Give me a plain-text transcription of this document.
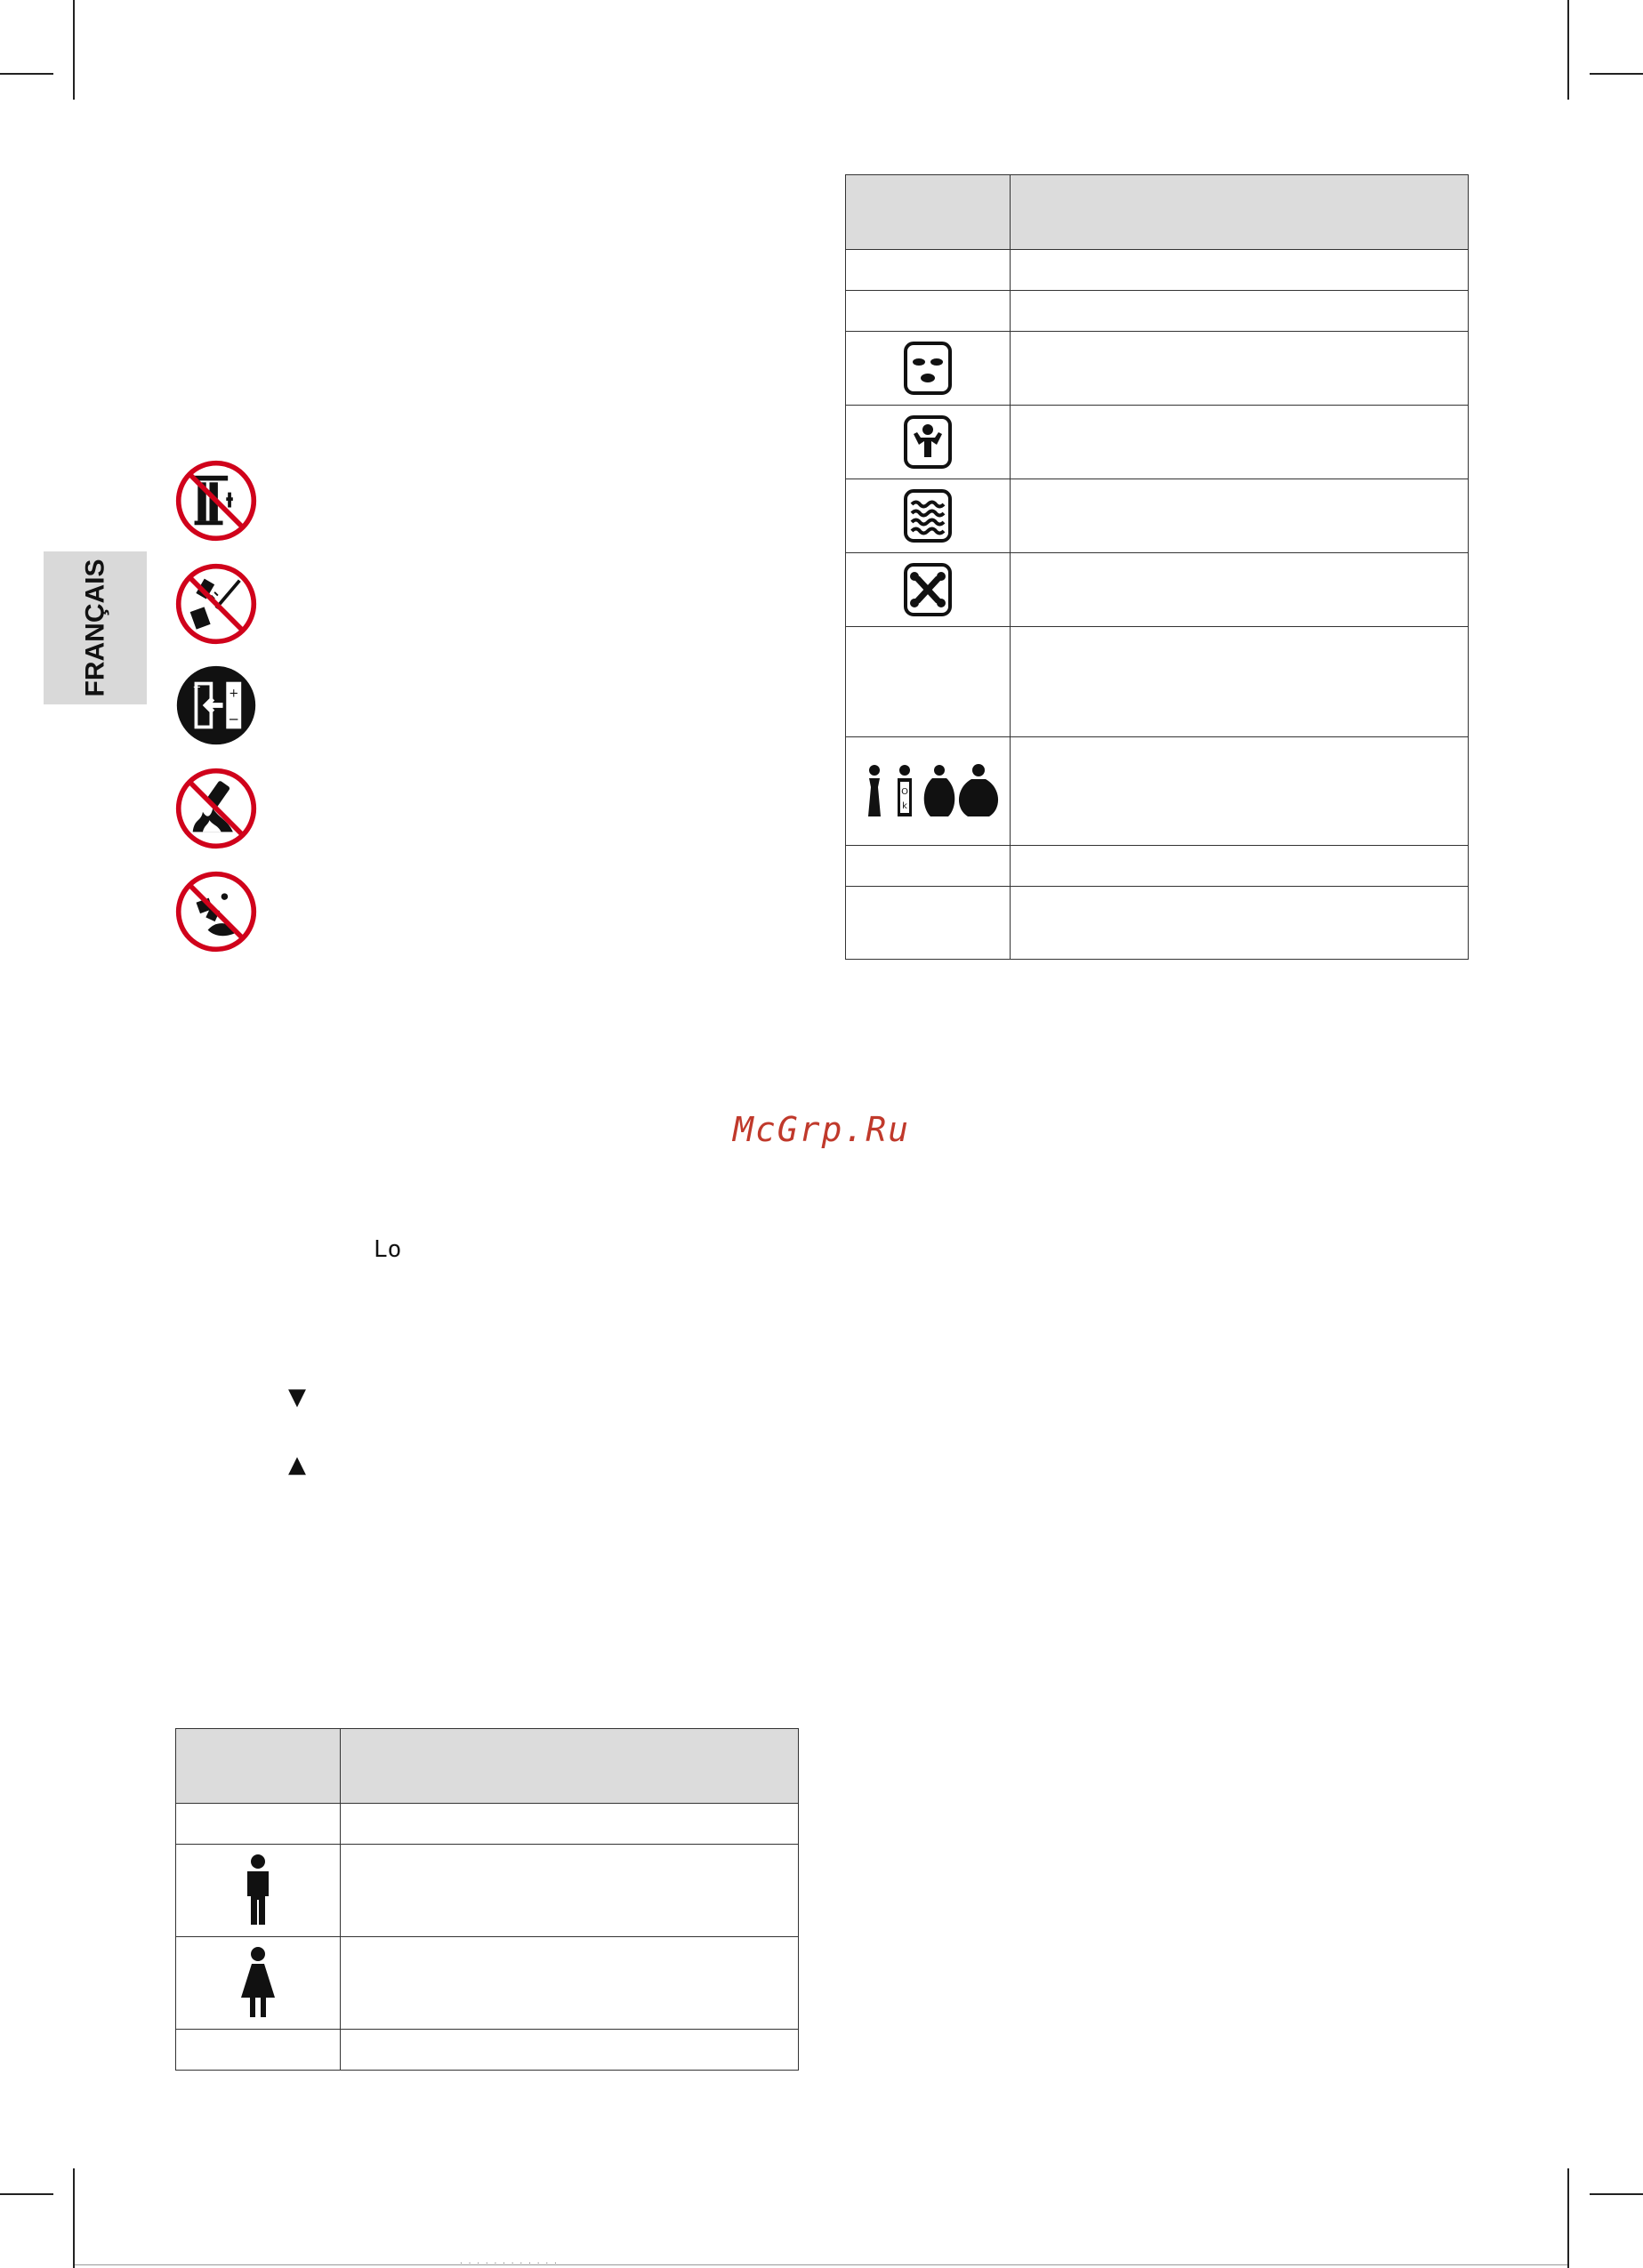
FRANÇAIS	+
−
+

O
k	

McGrp.Ru
Lo
▼
▲

· · · · · · · · · · · ·
